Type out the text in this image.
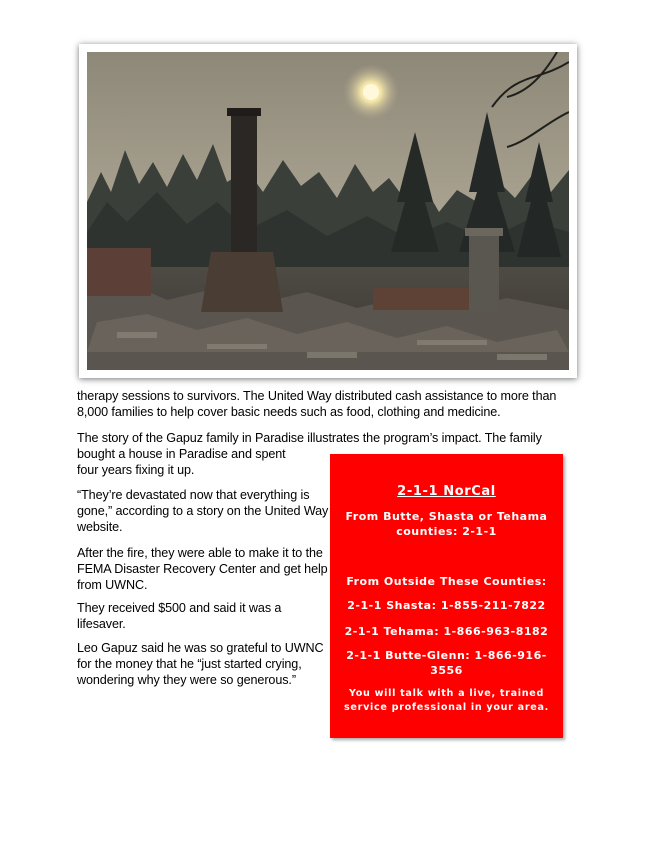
therapy sessions to survivors. The United Way distributed cash assistance to more than 8,000 families to help cover basic needs such as food, clothing and medicine.
The story of the Gapuz family in Paradise illustrates the program’s impact. The family
bought a house in Paradise and spent
four years fixing it up.
“They’re devastated now that everything is gone,” according to a story on the United Way website.
After the fire, they were able to make it to the FEMA Disaster Recovery Center and get help from UWNC.
They received $500 and said it was a lifesaver.
Leo Gapuz said he was so grateful to UWNC for the money that he “just started crying, wondering why they were so generous.”
2-1-1 NorCal
From Butte, Shasta or Tehama counties: 2-1-1
From Outside These Counties:
2-1-1 Shasta: 1-855-211-7822
2-1-1 Tehama: 1-866-963-8182
2-1-1 Butte-Glenn: 1-866-916-3556
You will talk with a live, trained service professional in your area.
